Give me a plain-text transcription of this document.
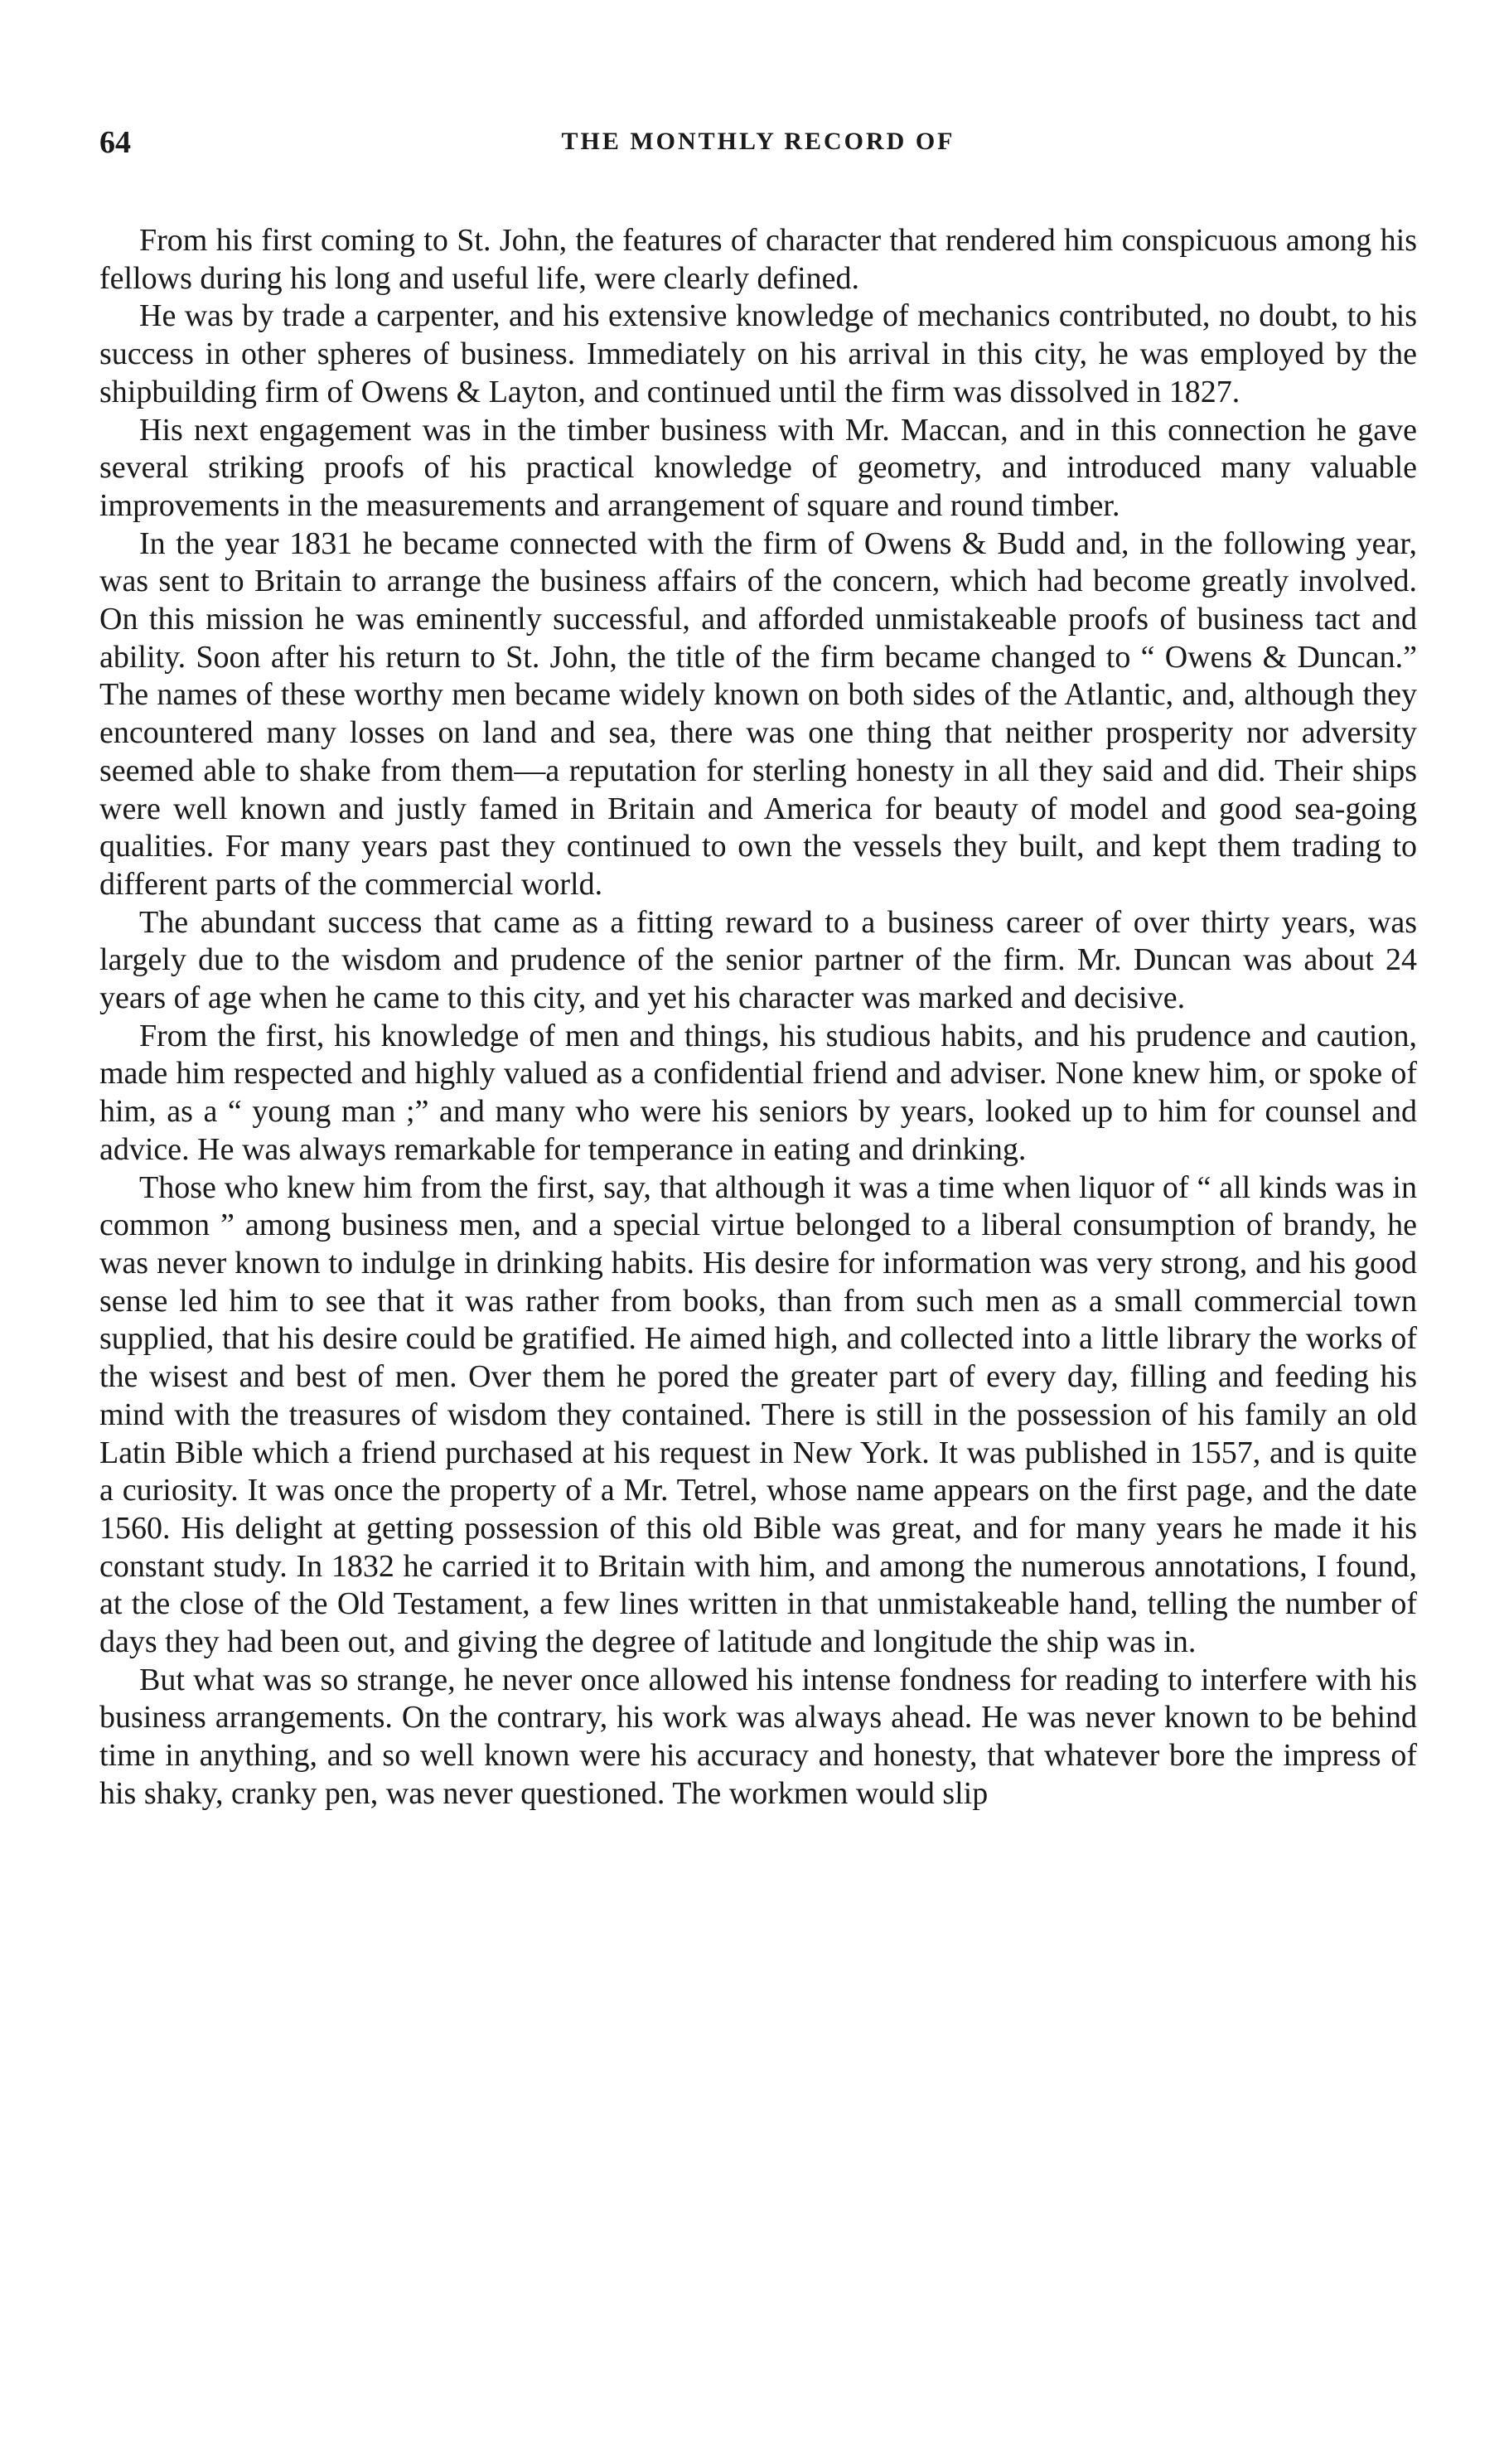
64	THE MONTHLY RECORD OF

From his first coming to St. John, the features of character that rendered him conspicuous among his fellows during his long and useful life, were clearly defined.

He was by trade a carpenter, and his extensive knowledge of mechanics contributed, no doubt, to his success in other spheres of business. Immediately on his arrival in this city, he was employed by the shipbuilding firm of Owens & Layton, and continued until the firm was dissolved in 1827.

His next engagement was in the timber business with Mr. Maccan, and in this connection he gave several striking proofs of his practical knowledge of geometry, and introduced many valuable improvements in the measurements and arrangement of square and round timber.

In the year 1831 he became connected with the firm of Owens & Budd and, in the following year, was sent to Britain to arrange the business affairs of the concern, which had become greatly involved. On this mission he was eminently successful, and afforded unmistakeable proofs of business tact and ability. Soon after his return to St. John, the title of the firm became changed to “ Owens & Duncan.” The names of these worthy men became widely known on both sides of the Atlantic, and, although they encountered many losses on land and sea, there was one thing that neither prosperity nor adversity seemed able to shake from them—a reputation for sterling honesty in all they said and did. Their ships were well known and justly famed in Britain and America for beauty of model and good sea-going qualities. For many years past they continued to own the vessels they built, and kept them trading to different parts of the commercial world.

The abundant success that came as a fitting reward to a business career of over thirty years, was largely due to the wisdom and prudence of the senior partner of the firm. Mr. Duncan was about 24 years of age when he came to this city, and yet his character was marked and decisive.

From the first, his knowledge of men and things, his studious habits, and his prudence and caution, made him respected and highly valued as a confidential friend and adviser. None knew him, or spoke of him, as a “ young man ;” and many who were his seniors by years, looked up to him for counsel and advice. He was always remarkable for temperance in eating and drinking.

Those who knew him from the first, say, that although it was a time when liquor of “ all kinds was in common ” among business men, and a special virtue belonged to a liberal consumption of brandy, he was never known to indulge in drinking habits. His desire for information was very strong, and his good sense led him to see that it was rather from books, than from such men as a small commercial town supplied, that his desire could be gratified. He aimed high, and collected into a little library the works of the wisest and best of men. Over them he pored the greater part of every day, filling and feeding his mind with the treasures of wisdom they contained. There is still in the possession of his family an old Latin Bible which a friend purchased at his request in New York. It was published in 1557, and is quite a curiosity. It was once the property of a Mr. Tetrel, whose name appears on the first page, and the date 1560. His delight at getting possession of this old Bible was great, and for many years he made it his constant study. In 1832 he carried it to Britain with him, and among the numerous annotations, I found, at the close of the Old Testament, a few lines written in that unmistakeable hand, telling the number of days they had been out, and giving the degree of latitude and longitude the ship was in.

But what was so strange, he never once allowed his intense fondness for reading to interfere with his business arrangements. On the contrary, his work was always ahead. He was never known to be behind time in anything, and so well known were his accuracy and honesty, that whatever bore the impress of his shaky, cranky pen, was never questioned. The workmen would slip
